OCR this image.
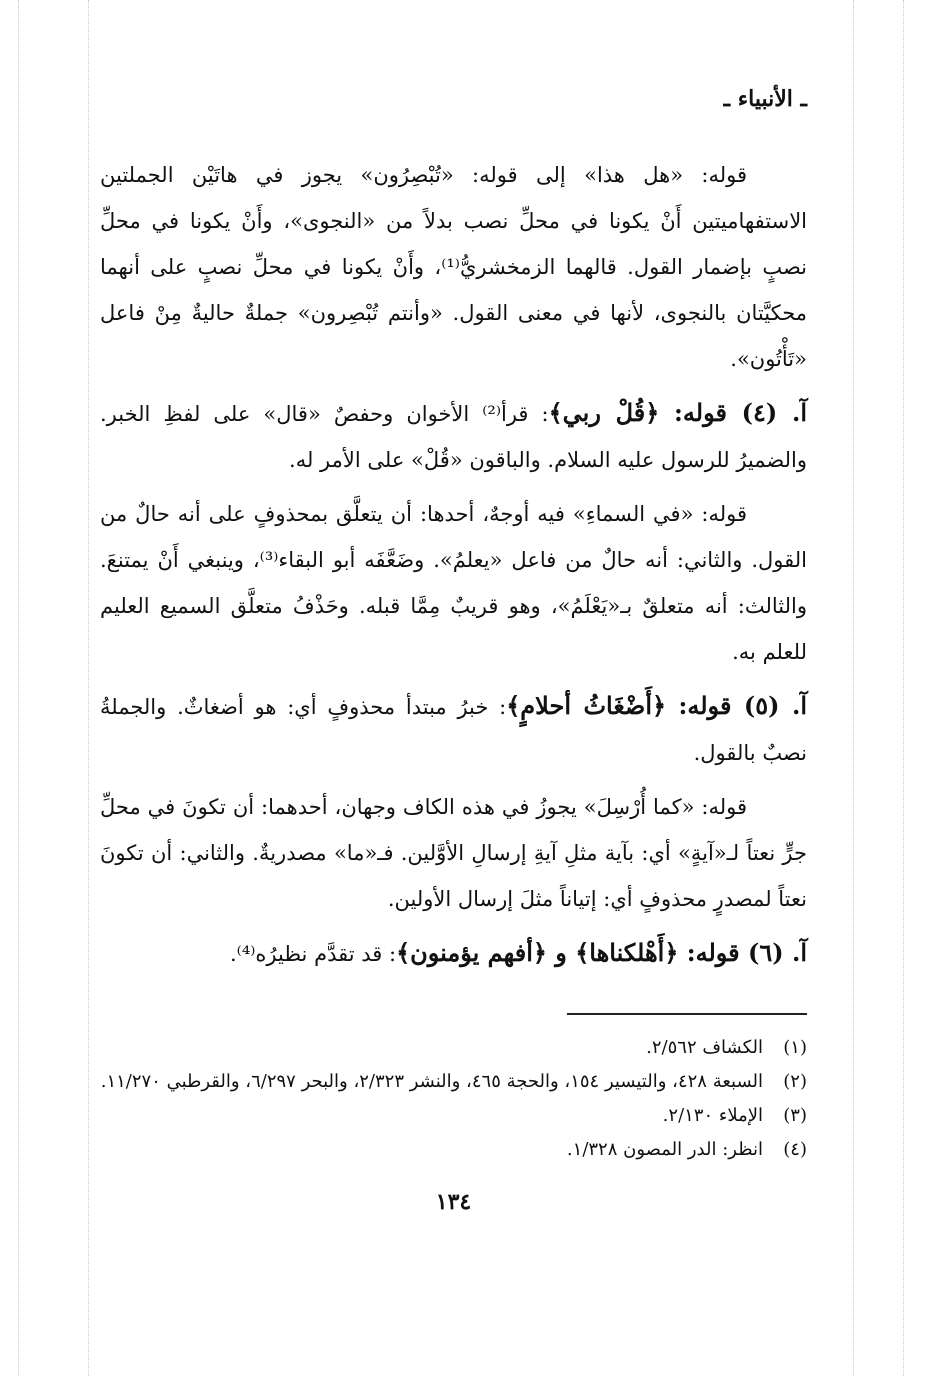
ـ الأنبياء ـ

قوله: «هل هذا» إلى قوله: «تُبْصِرُون» يجوز في هاتَيْن الجملتين الاستفهاميتين أَنْ يكونا في محلِّ نصب بدلاً من «النجوى»، وأَنْ يكونا في محلِّ نصبٍ بإضمار القول. قالهما الزمخشريُّ⁽¹⁾، وأَنْ يكونا في محلِّ نصبٍ على أنهما محكيَّتان بالنجوى، لأنها في معنى القول. «وأنتم تُبْصِرون» جملةٌ حاليةٌ مِنْ فاعل «تَأْتُون».

آ. (٤) قوله: ﴿قُلْ ربي﴾: قرأ⁽²⁾ الأخوان وحفصٌ «قال» على لفظِ الخبر. والضميرُ للرسول عليه السلام. والباقون «قُلْ» على الأمر له.

قوله: «في السماءِ» فيه أوجهٌ، أحدها: أن يتعلَّق بمحذوفٍ على أنه حالٌ من القول. والثاني: أنه حالٌ من فاعل «يعلمُ». وضَعَّفَه أبو البقاء⁽³⁾، وينبغي أَنْ يمتنعَ. والثالث: أنه متعلقٌ بـ«يَعْلَمُ»، وهو قريبٌ مِمَّا قبله. وحَذْفُ متعلَّق السميع العليم للعلم به.

آ. (٥) قوله: ﴿أَضْغَاثُ أحلامٍ﴾: خبرُ مبتدأ محذوفٍ أي: هو أضغاثٌ. والجملةُ نصبٌ بالقول.

قوله: «كما أُرْسِلَ» يجوزُ في هذه الكاف وجهان، أحدهما: أن تكونَ في محلِّ جرٍّ نعتاً لـ«آيةٍ» أي: بآية مثلِ آيةِ إرسالِ الأوَّلين. فـ«ما» مصدريةٌ. والثاني: أن تكونَ نعتاً لمصدرٍ محذوفٍ أي: إتياناً مثلَ إرسال الأولين.

آ. (٦) قوله: ﴿أَهْلكناها﴾ و ﴿أفهم يؤمنون﴾: قد تقدَّم نظيرُه⁽⁴⁾.

(١)
الكشاف ٢/٥٦٢.
(٢)
السبعة ٤٢٨، والتيسير ١٥٤، والحجة ٤٦٥، والنشر ٢/٣٢٣، والبحر ٦/٢٩٧، والقرطبي ١١/٢٧٠.
(٣)
الإملاء ٢/١٣٠.
(٤)
انظر: الدر المصون ١/٣٢٨.
١٣٤
